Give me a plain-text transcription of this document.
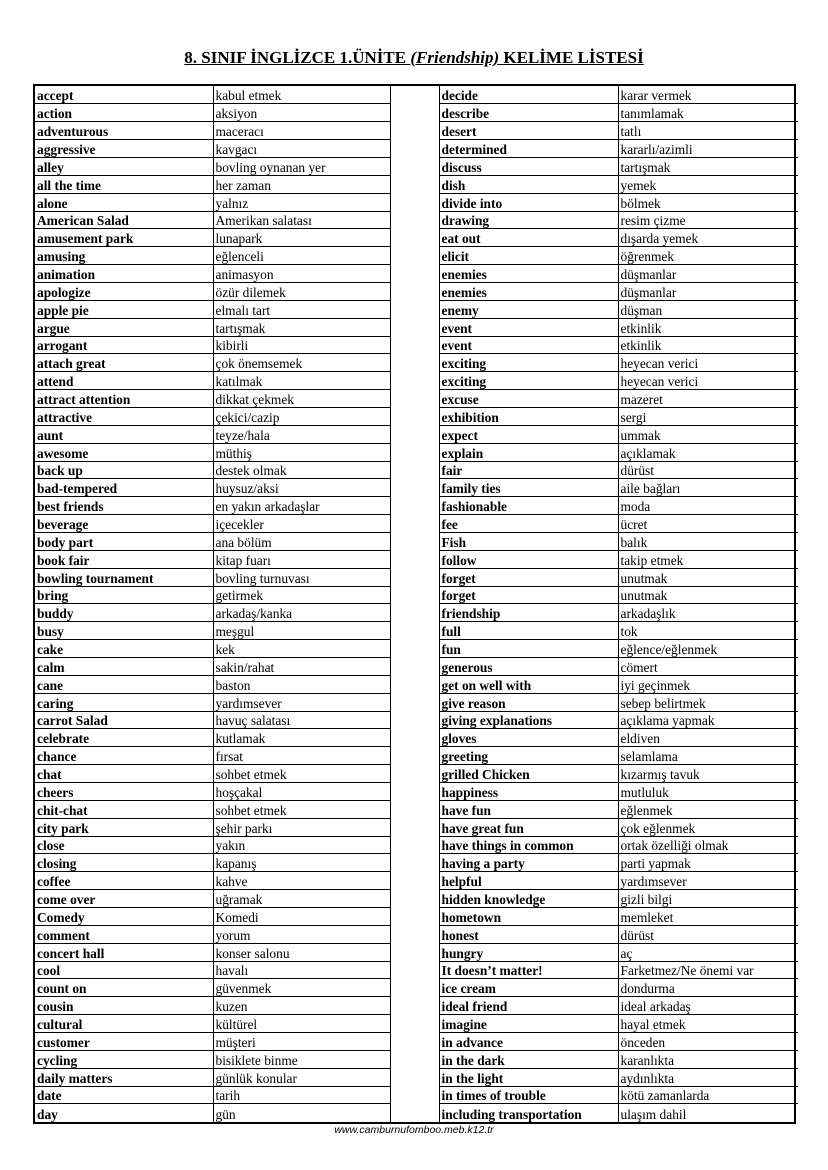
8. SINIF İNGLİZCE 1.ÜNİTE (Friendship) KELİME LİSTESİ
accept	kabul etmek		decide	karar vermek
action	aksiyon		describe	tanımlamak
adventurous	maceracı		desert	tatlı
aggressive	kavgacı		determined	kararlı/azimli
alley	bovling oynanan yer		discuss	tartışmak
all the time	her zaman		dish	yemek
alone	yalnız		divide into	bölmek
American Salad	Amerikan salatası		drawing	resim çizme
amusement park	lunapark		eat out	dışarda yemek
amusing	eğlenceli		elicit	öğrenmek
animation	animasyon		enemies	düşmanlar
apologize	özür dilemek		enemies	düşmanlar
apple pie	elmalı tart		enemy	düşman
argue	tartışmak		event	etkinlik
arrogant	kibirli		event	etkinlik
attach great	çok önemsemek		exciting	heyecan verici
attend	katılmak		exciting	heyecan verici
attract attention	dikkat çekmek		excuse	mazeret
attractive	çekici/cazip		exhibition	sergi
aunt	teyze/hala		expect	ummak
awesome	müthiş		explain	açıklamak
back up	destek olmak		fair	dürüst
bad-tempered	huysuz/aksi		family ties	aile bağları
best friends	en yakın arkadaşlar		fashionable	moda
beverage	içecekler		fee	ücret
body part	ana bölüm		Fish	balık
book fair	kitap fuarı		follow	takip etmek
bowling tournament	bovling turnuvası		forget	unutmak
bring	getirmek		forget	unutmak
buddy	arkadaş/kanka		friendship	arkadaşlık
busy	meşgul		full	tok
cake	kek		fun	eğlence/eğlenmek
calm	sakin/rahat		generous	cömert
cane	baston		get on well with	iyi geçinmek
caring	yardımsever		give reason	sebep belirtmek
carrot Salad	havuç salatası		giving explanations	açıklama yapmak
celebrate	kutlamak		gloves	eldiven
chance	fırsat		greeting	selamlama
chat	sohbet etmek		grilled Chicken	kızarmış tavuk
cheers	hoşçakal		happiness	mutluluk
chit-chat	sohbet etmek		have fun	eğlenmek
city park	şehir parkı		have great fun	çok eğlenmek
close	yakın		have things in common	ortak özelliği olmak
closing	kapanış		having a party	parti yapmak
coffee	kahve		helpful	yardımsever
come over	uğramak		hidden knowledge	gizli bilgi
Comedy	Komedi		hometown	memleket
comment	yorum		honest	dürüst
concert hall	konser salonu		hungry	aç
cool	havalı		It doesn’t matter!	Farketmez/Ne önemi var
count on	güvenmek		ice cream	dondurma
cousin	kuzen		ideal friend	ideal arkadaş
cultural	kültürel		imagine	hayal etmek
customer	müşteri		in advance	önceden
cycling	bisiklete binme		in the dark	karanlıkta
daily matters	günlük konular		in the light	aydınlıkta
date	tarih		in times of trouble	kötü zamanlarda
day	gün		including transportation	ulaşım dahil
www.camburnufomboo.meb.k12.tr
